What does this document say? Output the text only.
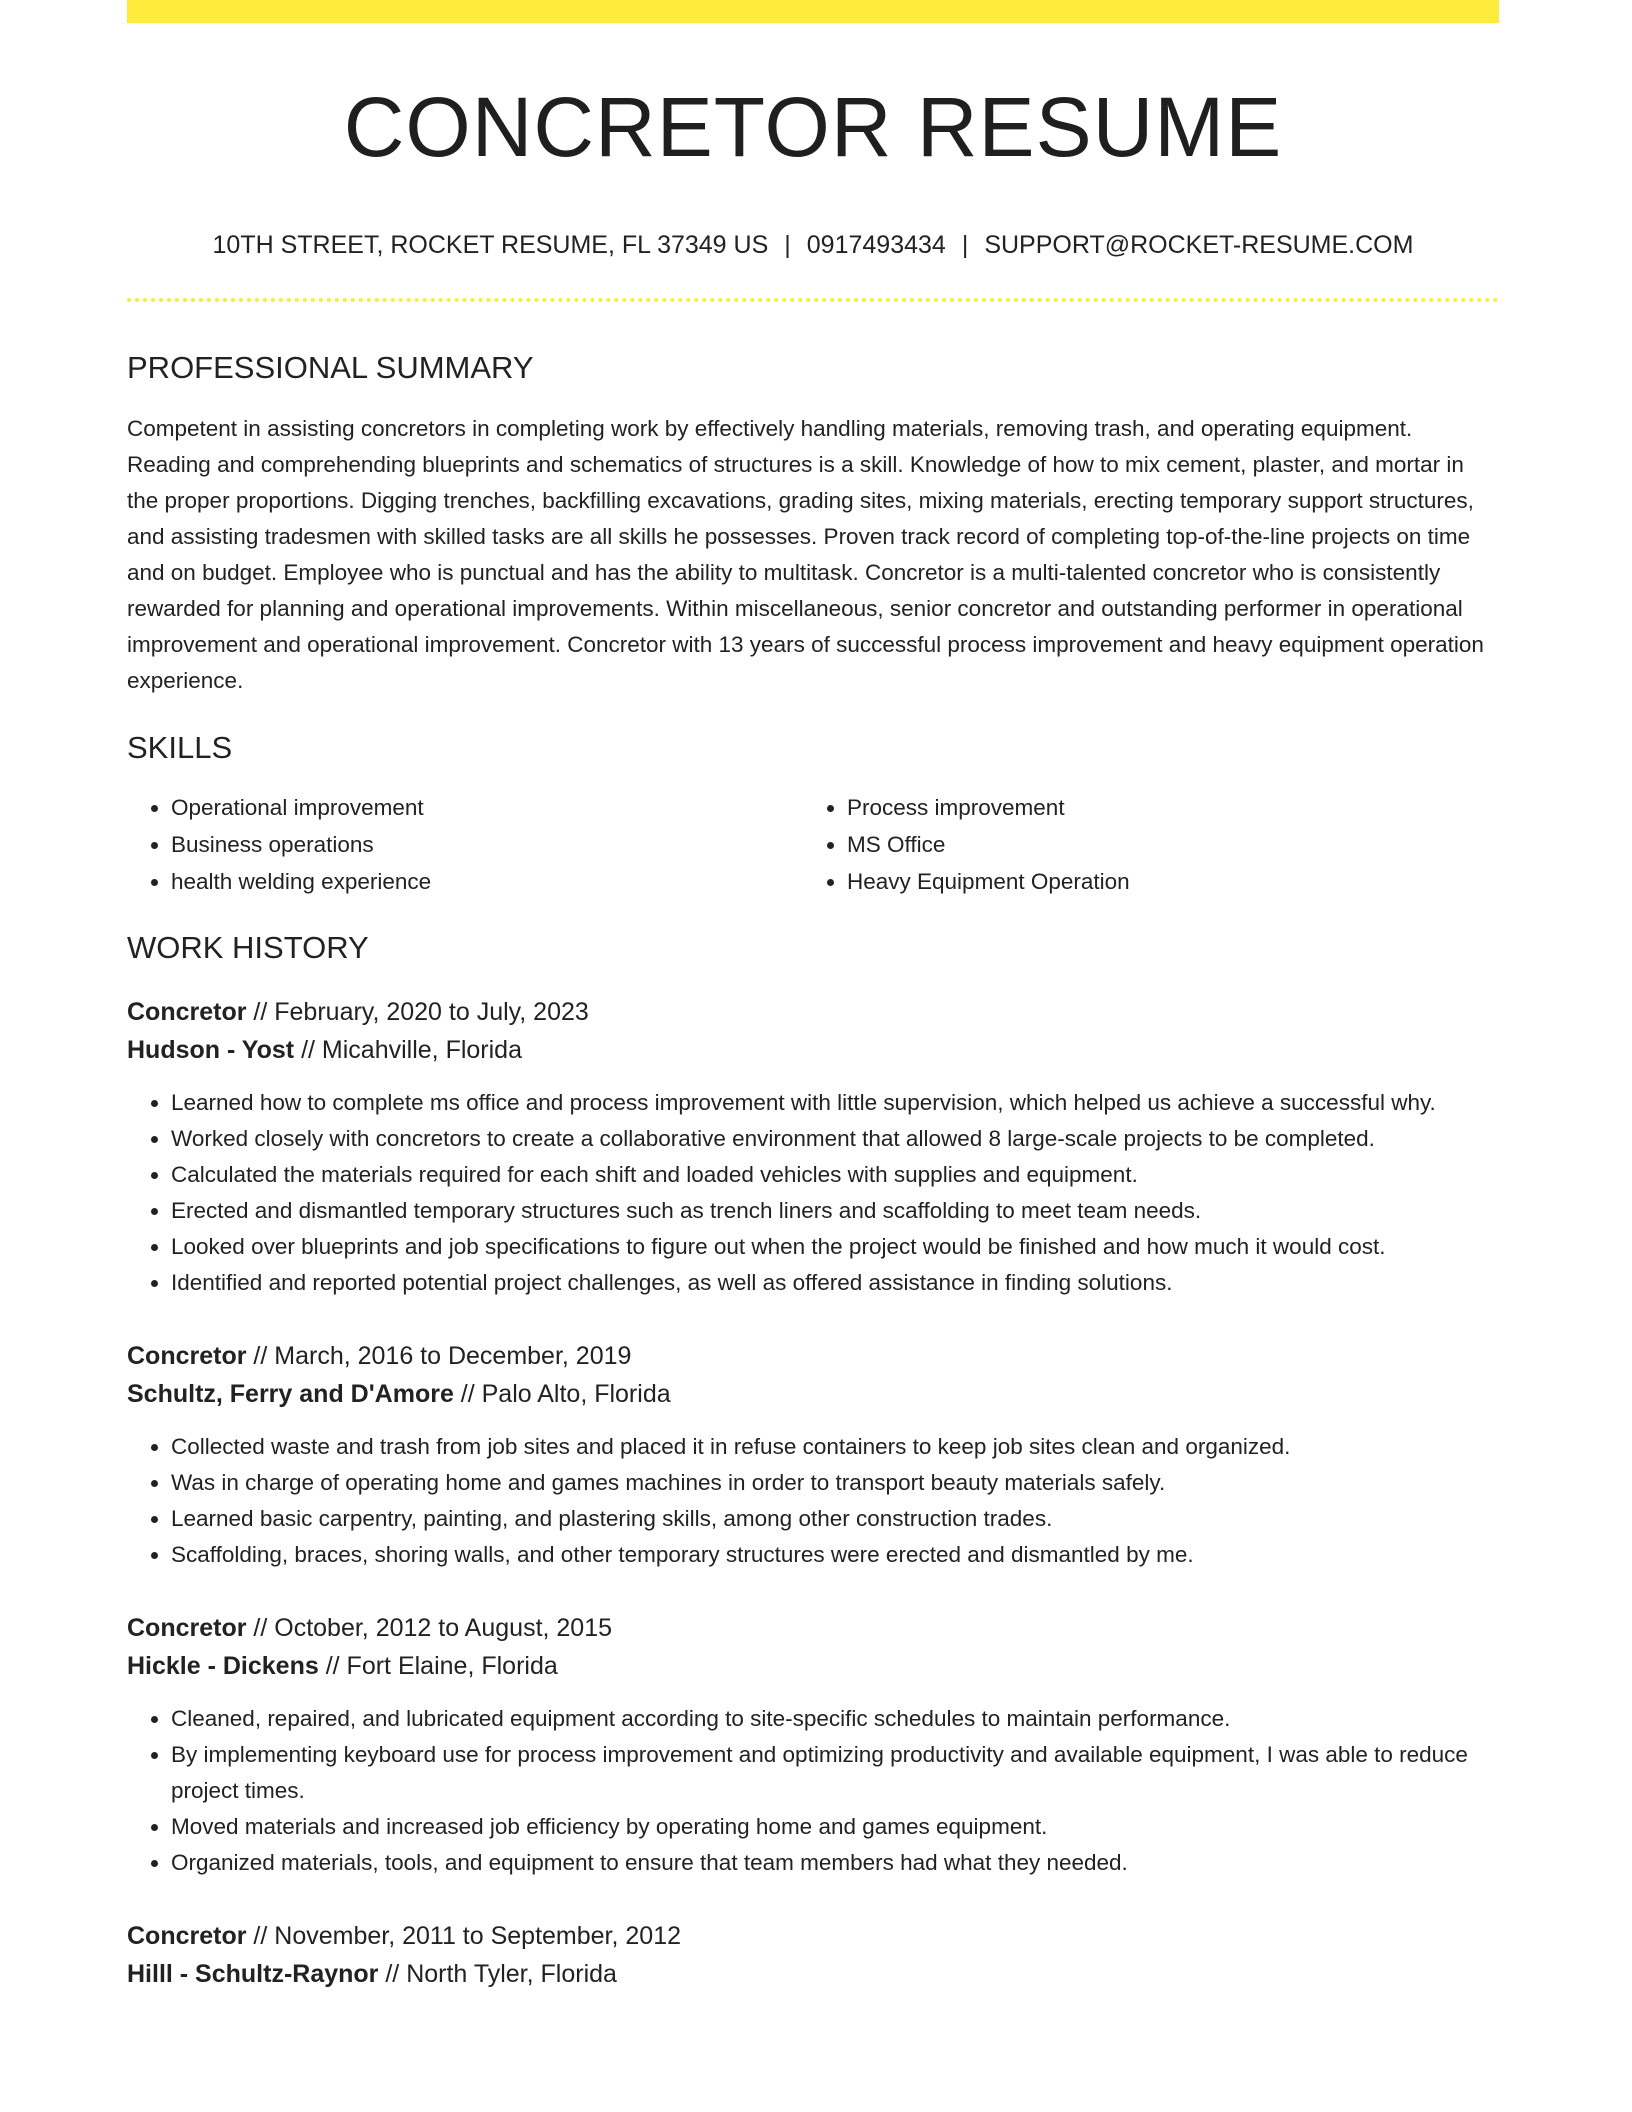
CONCRETOR RESUME
10TH STREET, ROCKET RESUME, FL 37349 US | 0917493434 | SUPPORT@ROCKET-RESUME.COM
PROFESSIONAL SUMMARY

Competent in assisting concretors in completing work by effectively handling materials, removing trash, and operating equipment. Reading and comprehending blueprints and schematics of structures is a skill. Knowledge of how to mix cement, plaster, and mortar in the proper proportions. Digging trenches, backfilling excavations, grading sites, mixing materials, erecting temporary support structures, and assisting tradesmen with skilled tasks are all skills he possesses. Proven track record of completing top-of-the-line projects on time and on budget. Employee who is punctual and has the ability to multitask. Concretor is a multi-talented concretor who is consistently rewarded for planning and operational improvements. Within miscellaneous, senior concretor and outstanding performer in operational improvement and operational improvement. Concretor with 13 years of successful process improvement and heavy equipment operation experience.

SKILLS
• Operational improvement
• Business operations
• health welding experience
• Process improvement
• MS Office
• Heavy Equipment Operation
WORK HISTORY
Concretor // February, 2020 to July, 2023
Hudson - Yost // Micahville, Florida
• Learned how to complete ms office and process improvement with little supervision, which helped us achieve a successful why.
• Worked closely with concretors to create a collaborative environment that allowed 8 large-scale projects to be completed.
• Calculated the materials required for each shift and loaded vehicles with supplies and equipment.
• Erected and dismantled temporary structures such as trench liners and scaffolding to meet team needs.
• Looked over blueprints and job specifications to figure out when the project would be finished and how much it would cost.
• Identified and reported potential project challenges, as well as offered assistance in finding solutions.
Concretor // March, 2016 to December, 2019
Schultz, Ferry and D'Amore // Palo Alto, Florida
• Collected waste and trash from job sites and placed it in refuse containers to keep job sites clean and organized.
• Was in charge of operating home and games machines in order to transport beauty materials safely.
• Learned basic carpentry, painting, and plastering skills, among other construction trades.
• Scaffolding, braces, shoring walls, and other temporary structures were erected and dismantled by me.
Concretor // October, 2012 to August, 2015
Hickle - Dickens // Fort Elaine, Florida
• Cleaned, repaired, and lubricated equipment according to site-specific schedules to maintain performance.
• By implementing keyboard use for process improvement and optimizing productivity and available equipment, I was able to reduce project times.
• Moved materials and increased job efficiency by operating home and games equipment.
• Organized materials, tools, and equipment to ensure that team members had what they needed.
Concretor // November, 2011 to September, 2012
Hilll - Schultz-Raynor // North Tyler, Florida
